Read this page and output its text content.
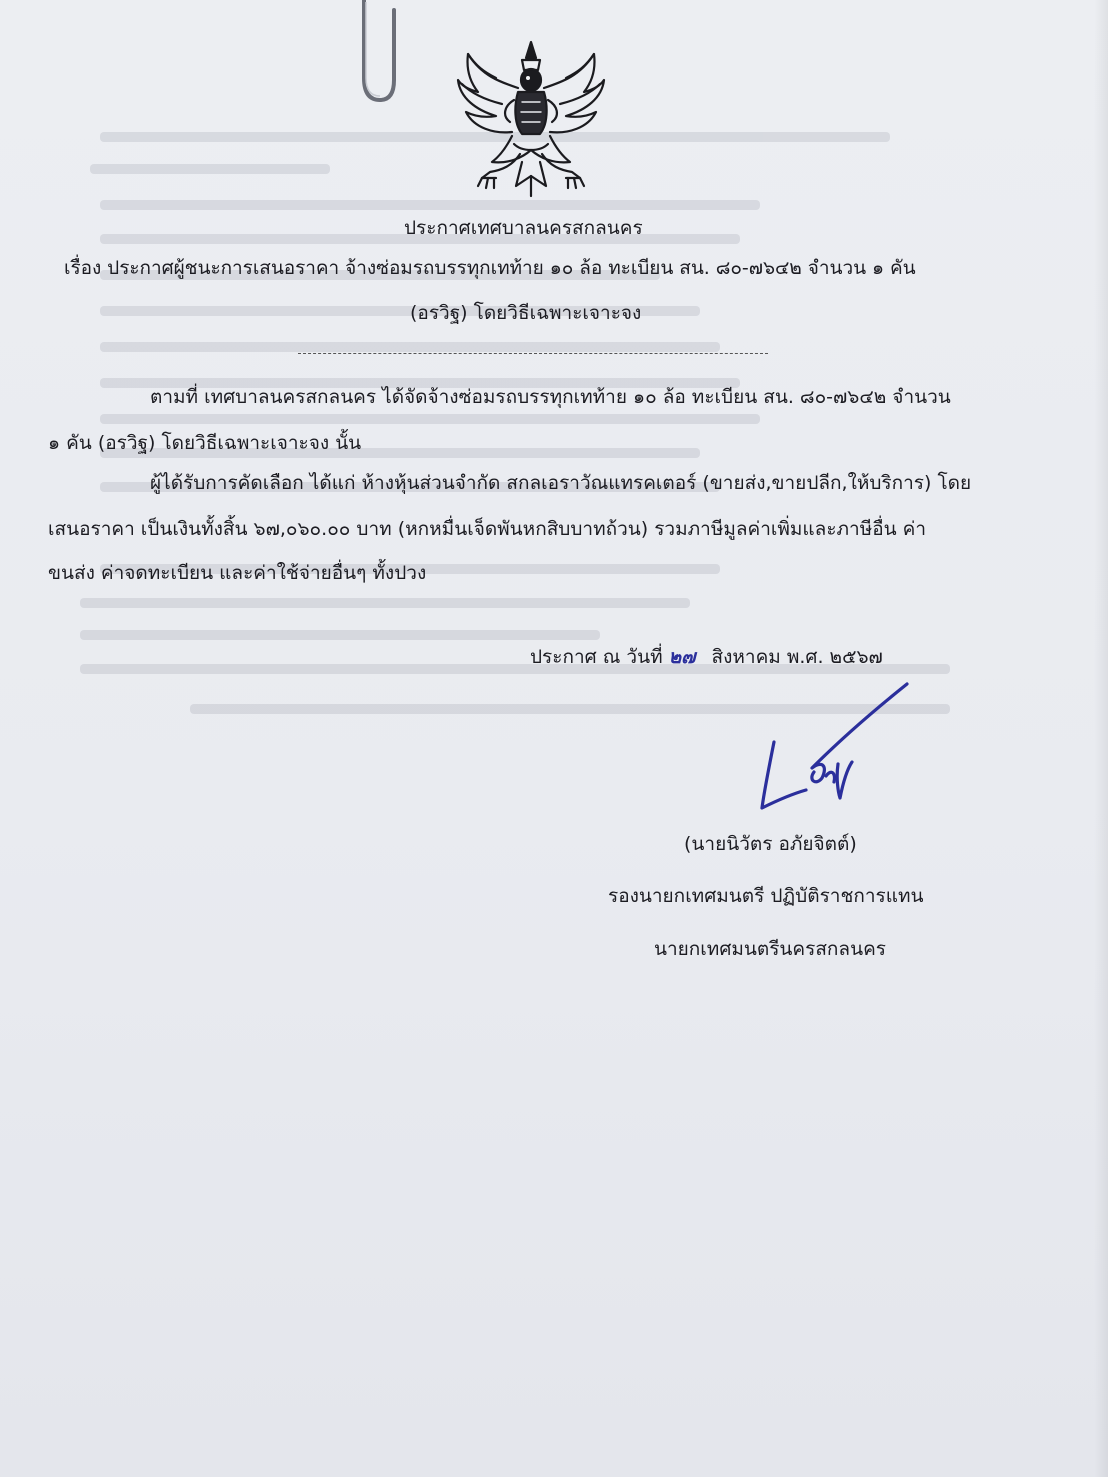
ประกาศเทศบาลนครสกลนคร
เรื่อง ประกาศผู้ชนะการเสนอราคา จ้างซ่อมรถบรรทุกเทท้าย ๑๐ ล้อ ทะเบียน สน. ๘๐-๗๖๔๒ จำนวน ๑ คัน
(อรวิฐ) โดยวิธีเฉพาะเจาะจง
ตามที่ เทศบาลนครสกลนคร ได้จัดจ้างซ่อมรถบรรทุกเทท้าย ๑๐ ล้อ ทะเบียน สน. ๘๐-๗๖๔๒ จำนวน
๑ คัน (อรวิฐ) โดยวิธีเฉพาะเจาะจง นั้น
ผู้ได้รับการคัดเลือก ได้แก่ ห้างหุ้นส่วนจำกัด สกลเอราวัณแทรคเตอร์ (ขายส่ง,ขายปลีก,ให้บริการ) โดย
เสนอราคา เป็นเงินทั้งสิ้น ๖๗,๐๖๐.๐๐ บาท (หกหมื่นเจ็ดพันหกสิบบาทถ้วน) รวมภาษีมูลค่าเพิ่มและภาษีอื่น ค่า
ขนส่ง ค่าจดทะเบียน และค่าใช้จ่ายอื่นๆ ทั้งปวง
ประกาศ ณ วันที่ ๒๗ สิงหาคม พ.ศ. ๒๕๖๗
(นายนิวัตร อภัยจิตต์)
รองนายกเทศมนตรี ปฏิบัติราชการแทน
นายกเทศมนตรีนครสกลนคร
